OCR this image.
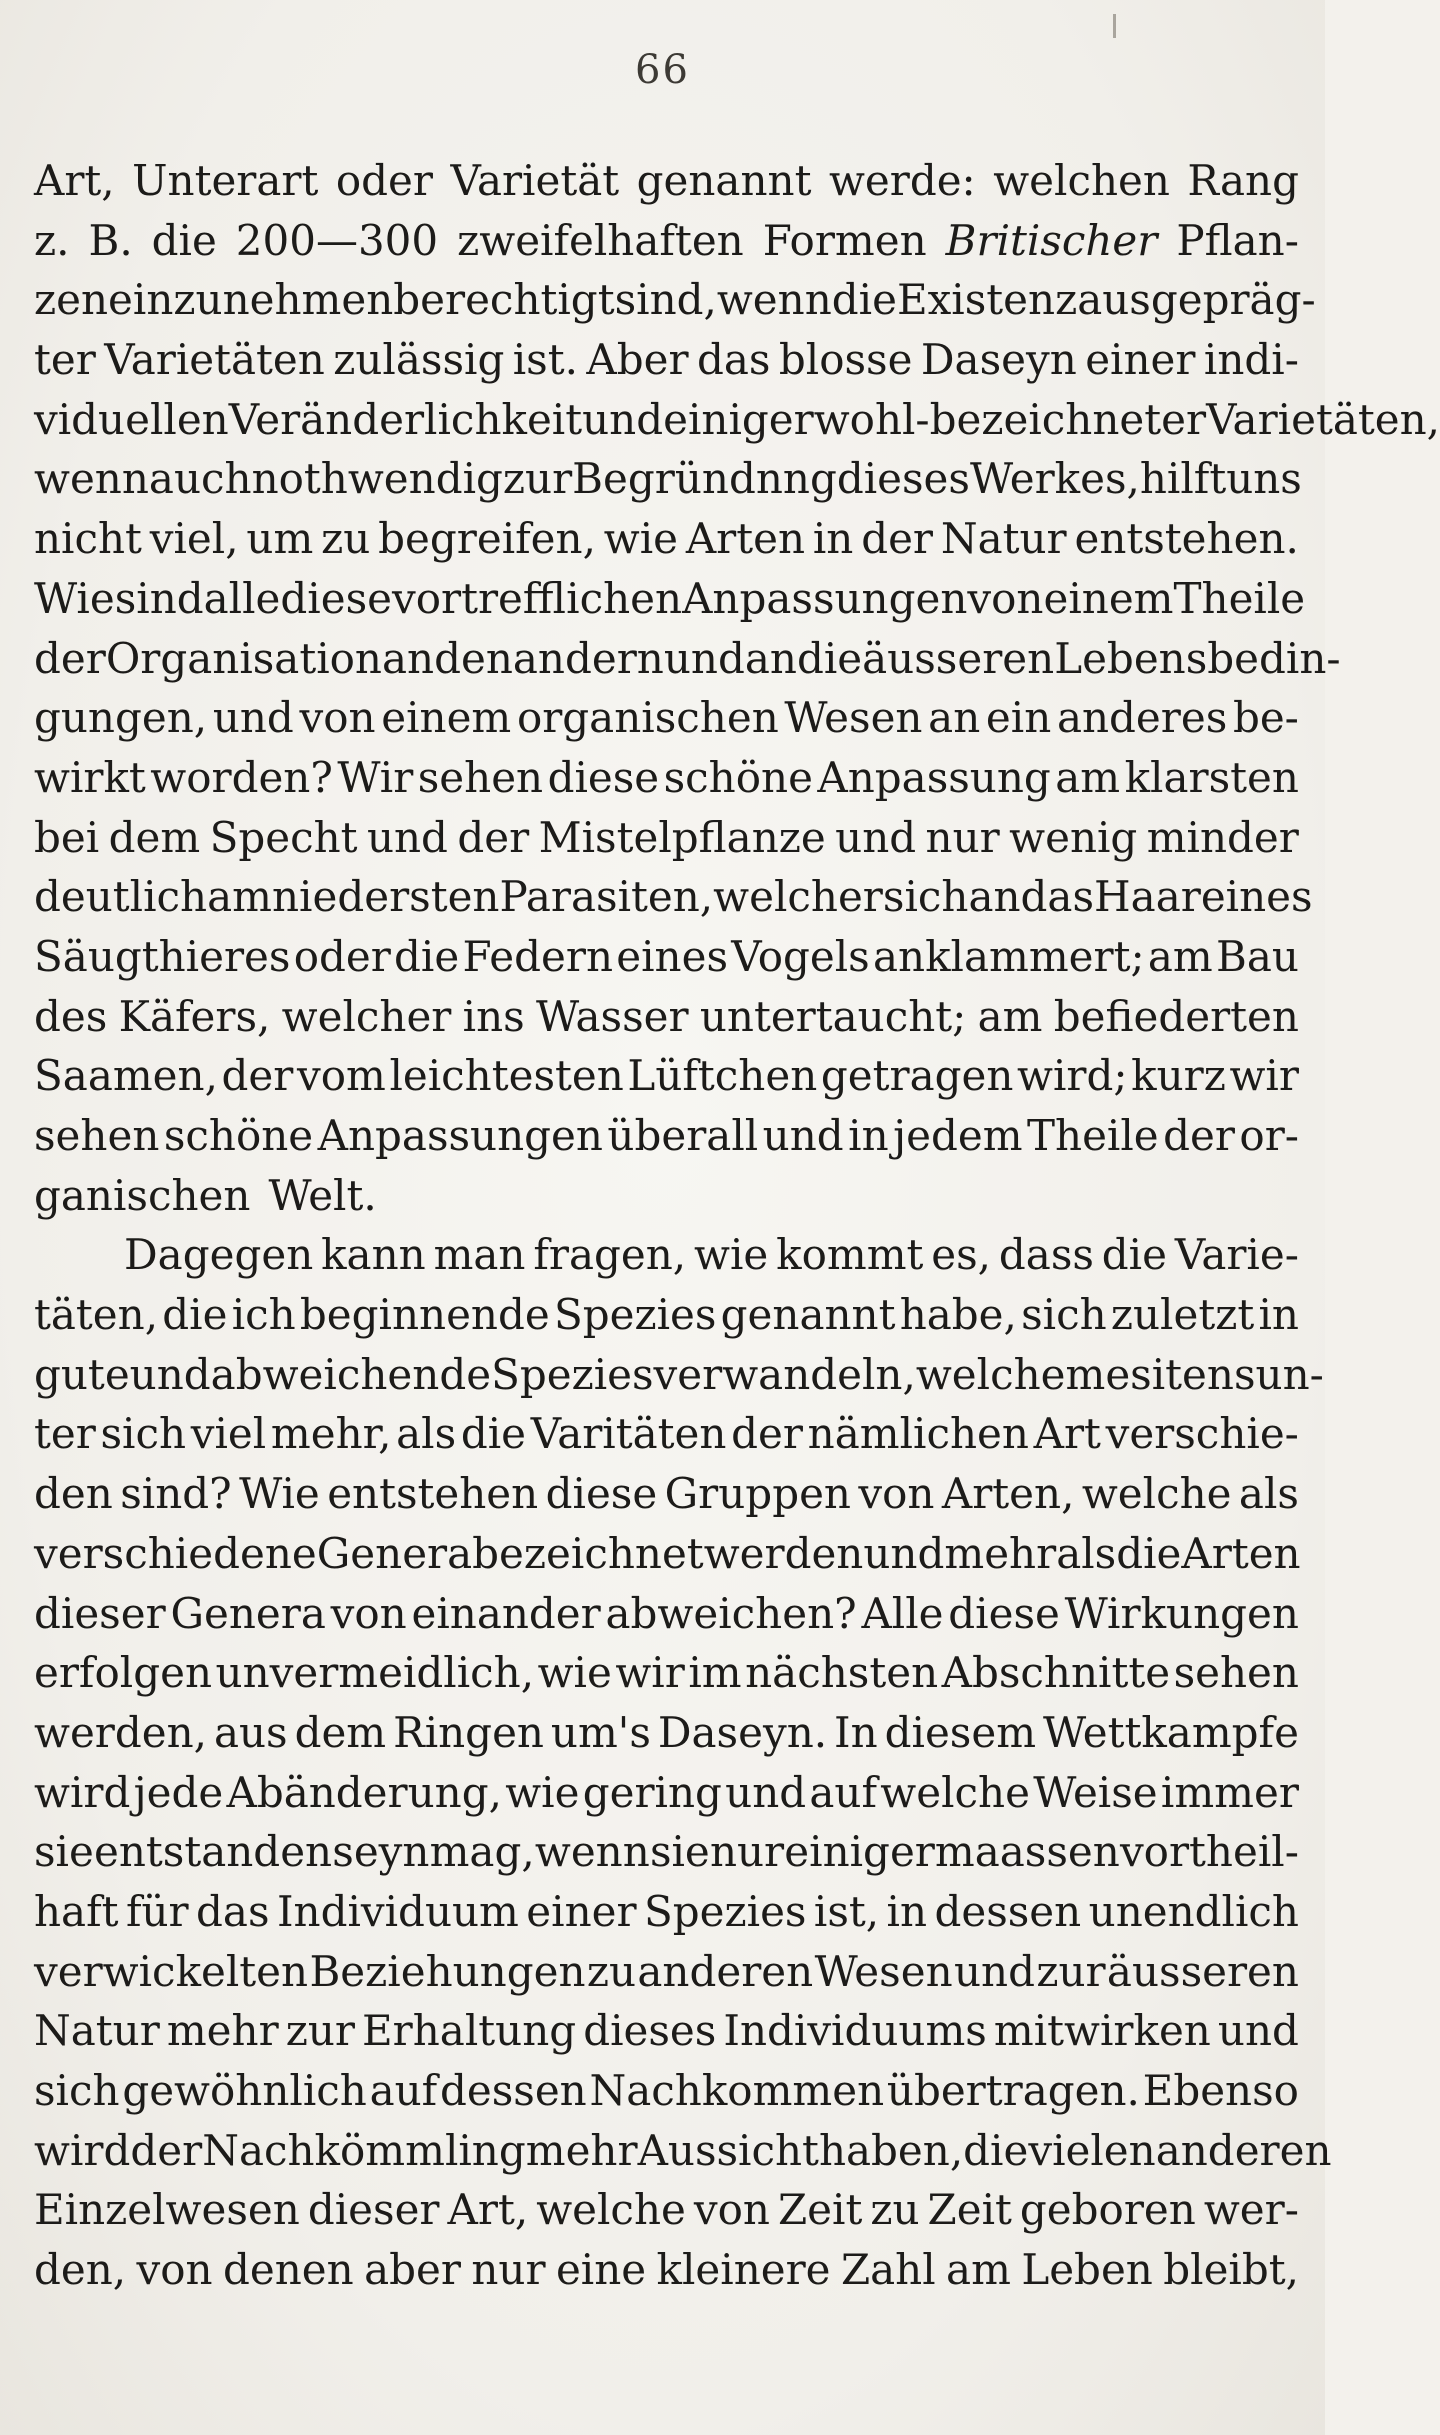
66
Art, Unterart oder Varietät genannt werde: welchen Rang
z. B. die 200—300 zweifelhaften Formen Britischer Pflan-
zen einzunehmen berechtigt sind, wenn die Existenz ausgepräg-
ter Varietäten zulässig ist. Aber das blosse Daseyn einer indi-
viduellen Veränderlichkeit und einiger wohl-bezeichneter Varietäten,
wenn auch nothwendig zur Begründnng dieses Werkes, hilft uns
nicht viel, um zu begreifen, wie Arten in der Natur entstehen.
Wie sind alle diese vortrefflichen Anpassungen von einem Theile
der Organisation an den andern und an die äusseren Lebensbedin-
gungen, und von einem organischen Wesen an ein anderes be-
wirkt worden? Wir sehen diese schöne Anpassung am klarsten
bei dem Specht und der Mistelpflanze und nur wenig minder
deutlich am niedersten Parasiten, welcher sich an das Haar eines
Säugthieres oder die Federn eines Vogels anklammert; am Bau
des Käfers, welcher ins Wasser untertaucht; am befiederten
Saamen, der vom leichtesten Lüftchen getragen wird; kurz wir
sehen schöne Anpassungen überall und in jedem Theile der or-
ganischen Welt.
Dagegen kann man fragen, wie kommt es, dass die Varie-
täten, die ich beginnende Spezies genannt habe, sich zuletzt in
gute und abweichende Spezies verwandeln, welche mesitens un-
ter sich viel mehr, als die Varitäten der nämlichen Art verschie-
den sind? Wie entstehen diese Gruppen von Arten, welche als
verschiedene Genera bezeichnet werden und mehr als die Arten
dieser Genera von einander abweichen? Alle diese Wirkungen
erfolgen unvermeidlich, wie wir im nächsten Abschnitte sehen
werden, aus dem Ringen um's Daseyn. In diesem Wettkampfe
wird jede Abänderung, wie gering und auf welche Weise immer
sie entstanden seyn mag, wenn sie nur einigermaassen vortheil-
haft für das Individuum einer Spezies ist, in dessen unendlich
verwickelten Beziehungen zu anderen Wesen und zur äusseren
Natur mehr zur Erhaltung dieses Individuums mitwirken und
sich gewöhnlich auf dessen Nachkommen übertragen. Ebenso
wird der Nachkömmling mehr Aussicht haben, die vielen anderen
Einzelwesen dieser Art, welche von Zeit zu Zeit geboren wer-
den, von denen aber nur eine kleinere Zahl am Leben bleibt,
